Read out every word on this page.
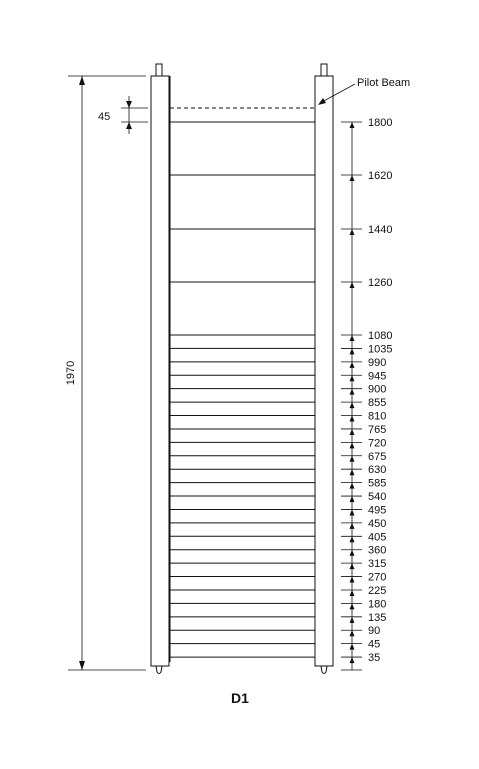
Pilot Beam
1800
1620
1440
1260
1080
1035
990
945
900
855
810
765
720
675
630
585
540
495
450
405
360
315
270
225
180
135
90
45
35
1970
45
D1
